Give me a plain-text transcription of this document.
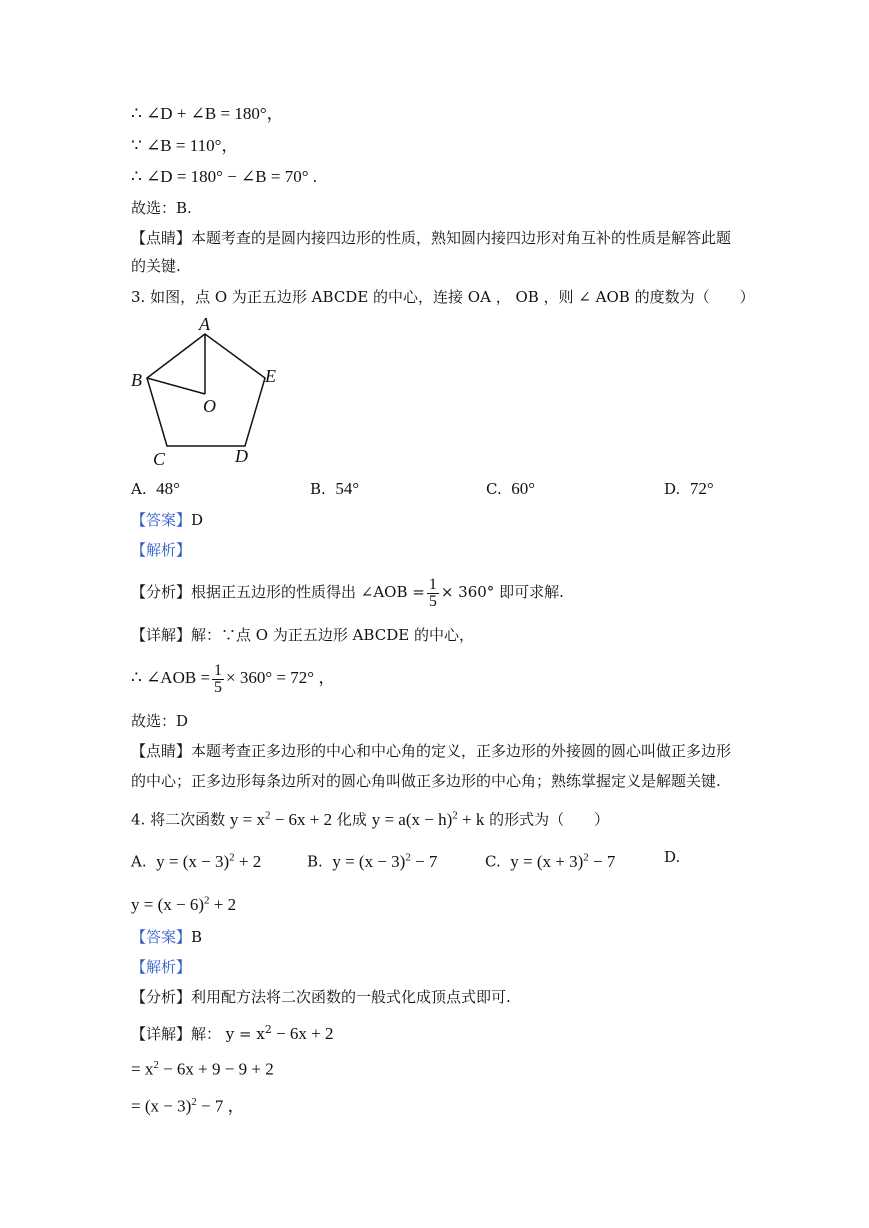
∴ ∠D + ∠B = 180°，
∵ ∠B = 110°，
∴ ∠D = 180° − ∠B = 70° .
故选：B.
【点睛】本题考查的是圆内接四边形的性质，熟知圆内接四边形对角互补的性质是解答此题
的关键.
3. 如图，点 O 为正五边形 ABCDE 的中心，连接 OA ， OB ，则 ∠ AOB 的度数为（　　）
A
B
C	D
E
O
A. 48°	B. 54°	C. 60°	D. 72°
【答案】D
【解析】
【分析】根据正五边形的性质得出 ∠AOB = $\frac{1}{5} \times 360^\circ$ 即可求解.
【详解】解：∵点 O 为正五边形 ABCDE 的中心，
∴ ∠AOB = $\frac{1}{5} \times 360^\circ = 72^\circ$ ，
故选：D
【点睛】本题考查正多边形的中心和中心角的定义，正多边形的外接圆的圆心叫做正多边形
的中心；正多边形每条边所对的圆心角叫做正多边形的中心角；熟练掌握定义是解题关键.
4. 将二次函数 $y = x^2 - 6x + 2$ 化成 $y = a(x - h)^2 + k$ 的形式为（　　）
A. $y = (x - 3)^2 + 2$	B. $y = (x - 3)^2 - 7$	C. $y = (x + 3)^2 - 7$	D.
$y = (x - 6)^2 + 2$
【答案】B
【解析】
【分析】利用配方法将二次函数的一般式化成顶点式即可.
【详解】解： $y = x^2 - 6x + 2$
= $x^2 - 6x + 9 - 9 + 2$
= $(x - 3)^2 - 7$ ，
